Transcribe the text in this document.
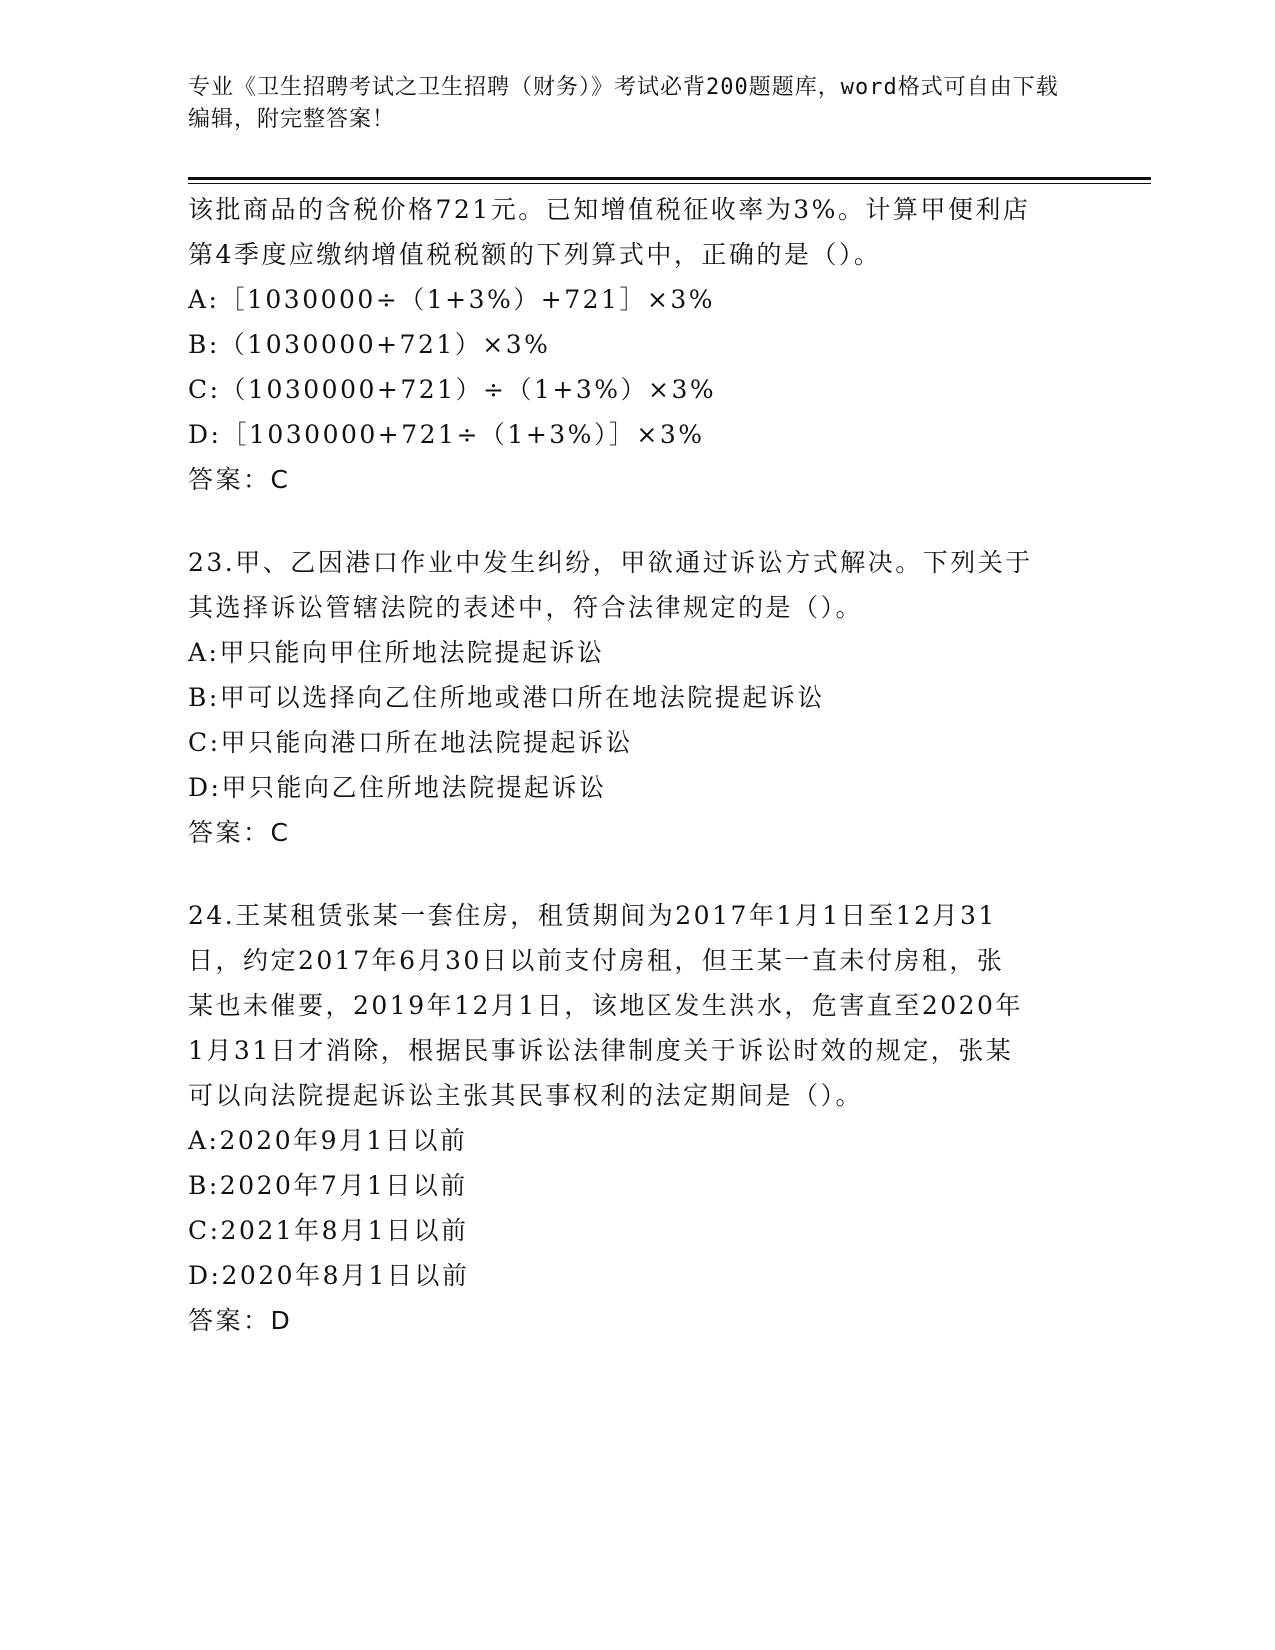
专业《卫生招聘考试之卫生招聘（财务）》考试必背200题题库，word格式可自由下载编辑，附完整答案！

该批商品的含税价格721元。已知增值税征收率为3%。计算甲便利店
第4季度应缴纳增值税税额的下列算式中，正确的是（）。
A:［1030000÷（1+3%）+721］×3%
B:（1030000+721）×3%
C:（1030000+721）÷（1+3%）×3%
D:［1030000+721÷（1+3%）］×3%
答案：C
23.甲、乙因港口作业中发生纠纷，甲欲通过诉讼方式解决。下列关于
其选择诉讼管辖法院的表述中，符合法律规定的是（）。
A:甲只能向甲住所地法院提起诉讼
B:甲可以选择向乙住所地或港口所在地法院提起诉讼
C:甲只能向港口所在地法院提起诉讼
D:甲只能向乙住所地法院提起诉讼
答案：C
24.王某租赁张某一套住房，租赁期间为2017年1月1日至12月31
日，约定2017年6月30日以前支付房租，但王某一直未付房租，张
某也未催要，2019年12月1日，该地区发生洪水，危害直至2020年
1月31日才消除，根据民事诉讼法律制度关于诉讼时效的规定，张某
可以向法院提起诉讼主张其民事权利的法定期间是（）。
A:2020年9月1日以前
B:2020年7月1日以前
C:2021年8月1日以前
D:2020年8月1日以前
答案：D
